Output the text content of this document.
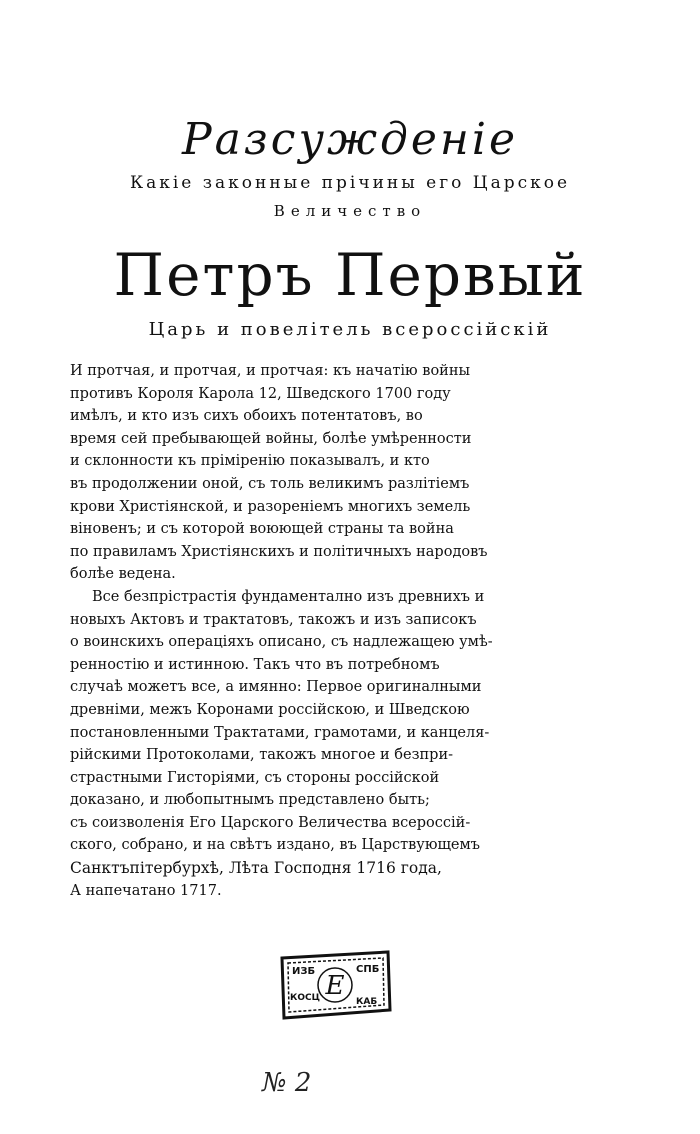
Разсужденіе
Какіе законные прічины его Царское
Величество
Петръ Первый
Царь и повелітель всероссійскій
И протчая, и протчая, и протчая: къ начатію войны
противъ Короля Карола 12, Шведского 1700 году
имѣлъ, и кто изъ сихъ обоихъ потентатовъ, во
время сей пребывающей войны, болѣе умѣренности
и склонности къ пріміренію показывалъ, и кто
въ продолжении оной, съ толь великимъ разлітіемъ
крови Христіянской, и разореніемъ многихъ земель
віновенъ; и съ которой воюющей страны та война
по правиламъ Христіянскихъ и політичныхъ народовъ
болѣе ведена.
Все безпрістрастія фундаментално изъ древнихъ и
новыхъ Актовъ и трактатовъ, такожъ и изъ записокъ
о воинскихъ операціяхъ описано, съ надлежащею умѣ-
ренностію и истинною. Такъ что въ потребномъ
случаѣ можетъ все, а имянно: Первое оригиналными
древніми, межъ Коронами россійскою, и Шведскою
постановленными Трактатами, грамотами, и канцеля-
рійскими Протоколами, такожъ многое и безпри-
страстными Гисторіями, съ стороны россійской
доказано, и любопытнымъ представлено быть;
съ соизволенія Его Царского Величества всероссій-
ского, собрано, и на свѣтъ издано, въ Царствующемъ
Санктъпітербурхѣ, Лѣта Господня 1716 года,
А напечатано 1717.
ИЗБ	СПБ
КОСЦ	КАБ
Е
№ 2
